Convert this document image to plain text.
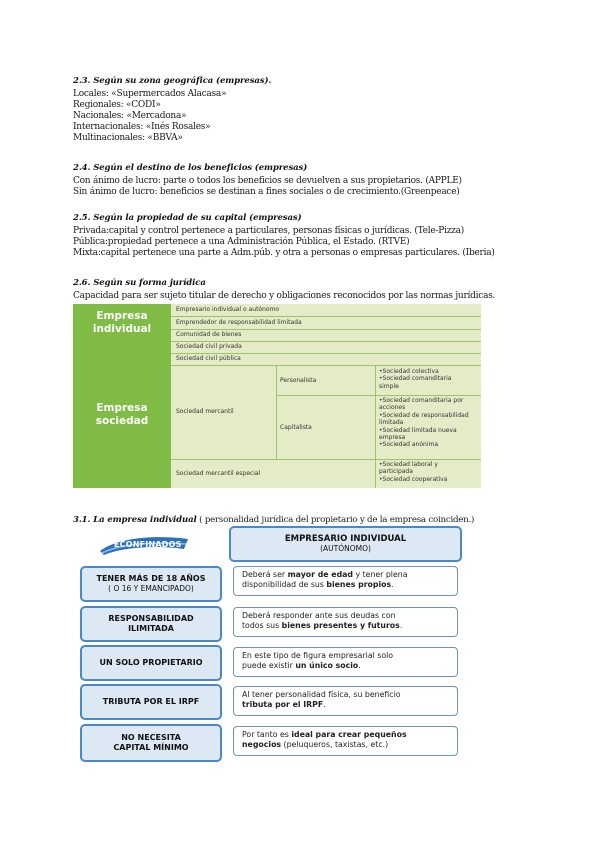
2.3. Según su zona geográfica (empresas).
Locales: «Supermercados Alacasa»
Regionales: «CODI»
Nacionales: «Mercadona»
Internacionales: «Inés Rosales»
Multinacionales: «BBVA»
2.4. Según el destino de los beneficios (empresas)
Con ánimo de lucro: parte o todos los beneficios se devuelven a sus propietarios. (APPLE)
Sin ánimo de lucro: beneficios se destinan a fines sociales o de crecimiento.(Greenpeace)
2.5. Según la propiedad de su capital (empresas)
Privada:capital y control pertenece a particulares, personas físicas o jurídicas. (Tele-Pizza)
Pública:propiedad pertenece a una Administración Pública, el Estado. (RTVE)
Mixta:capital pertenece una parte a Adm.púb. y otra a personas o empresas particulares. (Iberia)
2.6. Según su forma jurídica
Capacidad para ser sujeto titular de derecho y obligaciones reconocidos por las normas jurídicas.
Empresa
individual
Empresa
sociedad
Empresario individual o autónomo
Emprendedor de responsabilidad limitada
Comunidad de bienes
Sociedad civil privada
Sociedad civil pública
Sociedad mercantil
Personalista
Capitalista
Sociedad mercantil especial
•Sociedad colectiva
•Sociedad comanditaria
simple
•Sociedad comanditaria por
acciones
•Sociedad de responsabilidad
limitada
•Sociedad limitada nueva
empresa
•Sociedad anónima
•Sociedad laboral y
participada
•Sociedad cooperativa
3.1. La empresa individual ( personalidad jurídica del propietario y de la empresa coinciden.)
ECONFINADOS
EMPRESARIO INDIVIDUAL
(AUTÓNOMO)
TENER MÁS DE 18 AÑOS
( O 16 Y EMANCIPADO)
Deberá ser mayor de edad y tener plena
disponibilidad de sus bienes propios.
RESPONSABILIDAD
ILIMITADA
Deberá responder ante sus deudas con
todos sus bienes presentes y futuros.
UN SOLO PROPIETARIO
En este tipo de figura empresarial solo
puede existir un único socio.
TRIBUTA POR EL IRPF
Al tener personalidad física, su beneficio
tributa por el IRPF.
NO NECESITA
CAPITAL MÍNIMO
Por tanto es ideal para crear pequeños
negocios (peluqueros, taxistas, etc.)
